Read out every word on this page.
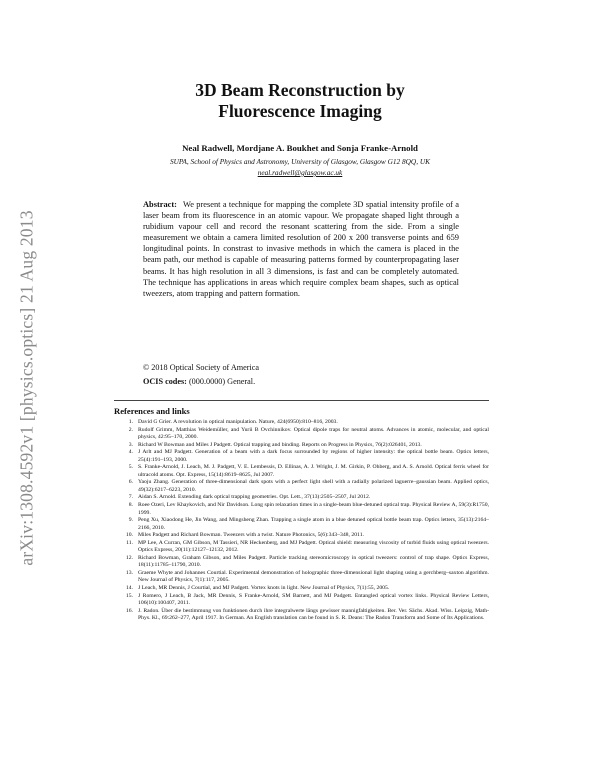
arXiv:1308.4592v1 [physics.optics] 21 Aug 2013
3D Beam Reconstruction by
Fluorescence Imaging
Neal Radwell, Mordjane A. Boukhet and Sonja Franke-Arnold
SUPA, School of Physics and Astronomy, University of Glasgow, Glasgow G12 8QQ, UK
neal.radwell@glasgow.ac.uk

Abstract: We present a technique for mapping the complete 3D spatial intensity profile of a laser beam from its fluorescence in an atomic vapour. We propagate shaped light through a rubidium vapour cell and record the resonant scattering from the side. From a single measurement we obtain a camera limited resolution of 200 x 200 transverse points and 659 longitudinal points. In constrast to invasive methods in which the camera is placed in the beam path, our method is capable of measuring patterns formed by counterpropagating laser beams. It has high resolution in all 3 dimensions, is fast and can be completely automated. The technique has applications in areas which require complex beam shapes, such as optical tweezers, atom trapping and pattern formation.

© 2018 Optical Society of America
OCIS codes: (000.0000) General.
References and links
1. David G Grier. A revolution in optical manipulation. Nature, 424(6950):810–816, 2003.
2. Rudolf Grimm, Matthias Weidemüller, and Yurii B Ovchinnikov. Optical dipole traps for neutral atoms. Advances in atomic, molecular, and optical physics, 42:95–170, 2000.
3. Richard W Bowman and Miles J Padgett. Optical trapping and binding. Reports on Progress in Physics, 76(2):026401, 2013.
4. J Arlt and MJ Padgett. Generation of a beam with a dark focus surrounded by regions of higher intensity: the optical bottle beam. Optics letters, 25(4):191–193, 2000.
5. S. Franke-Arnold, J. Leach, M. J. Padgett, V. E. Lembessis, D. Ellinas, A. J. Wright, J. M. Girkin, P. Ohberg, and A. S. Arnold. Optical ferris wheel for ultracold atoms. Opt. Express, 15(14):8619–8625, Jul 2007.
6. Yaoju Zhang. Generation of three-dimensional dark spots with a perfect light shell with a radially polarized laguerre–gaussian beam. Applied optics, 49(32):6217–6223, 2010.
7. Aidan S. Arnold. Extending dark optical trapping geometries. Opt. Lett., 37(13):2505–2507, Jul 2012.
8. Roee Ozeri, Lev Khaykovich, and Nir Davidson. Long spin relaxation times in a single-beam blue-detuned optical trap. Physical Review A, 59(3):R1750, 1999.
9. Peng Xu, Xiaodong He, Jin Wang, and Mingsheng Zhan. Trapping a single atom in a blue detuned optical bottle beam trap. Optics letters, 35(13):2164–2166, 2010.
10. Miles Padgett and Richard Bowman. Tweezers with a twist. Nature Photonics, 5(6):343–348, 2011.
11. MP Lee, A Curran, GM Gibson, M Tassieri, NR Heckenberg, and MJ Padgett. Optical shield: measuring viscosity of turbid fluids using optical tweezers. Optics Express, 20(11):12127–12132, 2012.
12. Richard Bowman, Graham Gibson, and Miles Padgett. Particle tracking stereomicroscopy in optical tweezers: control of trap shape. Optics Express, 18(11):11785–11790, 2010.
13. Graeme Whyte and Johannes Courtial. Experimental demonstration of holographic three-dimensional light shaping using a gerchberg–saxton algorithm. New Journal of Physics, 7(1):117, 2005.
14. J Leach, MR Dennis, J Courtial, and MJ Padgett. Vortex knots in light. New Journal of Physics, 7(1):55, 2005.
15. J Romero, J Leach, B Jack, MR Dennis, S Franke-Arnold, SM Barnett, and MJ Padgett. Entangled optical vortex links. Physical Review Letters, 106(10):100407, 2011.
16. J. Radon. Über die bestimmung von funktionen durch ihre integralwerte längs gewisser mannigfaltigkeiten. Ber. Ver. Sächs. Akad. Wiss. Leipzig, Math-Phys. Kl., 69:262–277, April 1917. In German. An English translation can be found in S. R. Deans: The Radon Transform and Some of Its Applications.
